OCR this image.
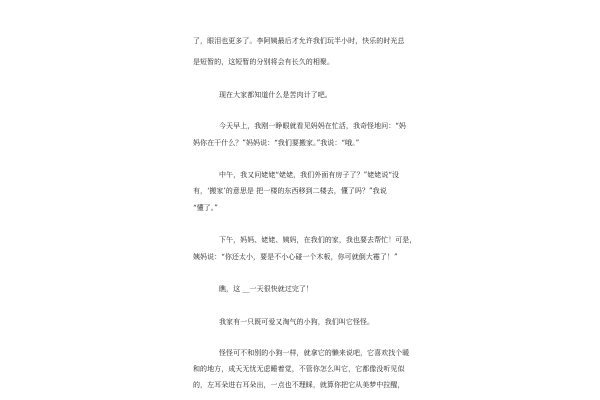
了，眼泪也更多了。李阿姨最后才允许我们玩半小时，快乐的时光总
是短暂的，这短暂的分别将会有长久的相聚。
现在大家都知道什么是苦肉计了吧。
今天早上，我刚一睁眼就看见妈妈在忙活，我奇怪地问：“妈
妈你在干什么？”妈妈说：“我们要搬家。”我说：“哦。”
中午，我又问姥姥“姥姥，我们外面有房子了？”姥姥说“没
有，‘搬家’的意思是 把一楼的东西移到二楼去，懂了吗？”我说
“懂了。”
下午，妈妈、姥姥、姨妈，在我们的家，我也要去帮忙！可是，
姨妈说：“你还太小，要是不小心碰一个木板，你可就倒大霉了！”
瞧，这 __一天很快就过完了！
我家有一只既可爱又淘气的小狗，我们叫它怪怪。
怪怪可不和别的小狗一样，就拿它的懒来说吧，它喜欢找个暖
和的地方，成天无忧无虑睡着觉，不管你怎么叫它，它都像没听见似
的，左耳朵进右耳朵出，一点也不理睬，就算你把它从美梦中拉醒，
